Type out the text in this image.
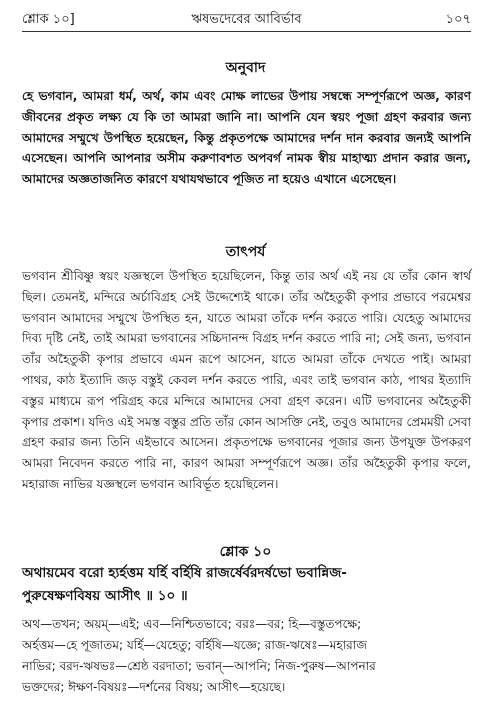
শ্লোক ১০]	ঋষভদেবের আবির্ভাব	১০৭
অনুবাদ
হে ভগবান, আমরা ধর্ম, অর্থ, কাম এবং মোক্ষ লাভের উপায় সম্বন্ধে সম্পূর্ণরূপে অজ্ঞ, কারণ জীবনের প্রকৃত লক্ষ্য যে কি তা আমরা জানি না। আপনি যেন স্বয়ং পূজা গ্রহণ করবার জন্য আমাদের সম্মুখে উপস্থিত হয়েছেন, কিন্তু প্রকৃতপক্ষে আমাদের দর্শন দান করবার জন্যই আপনি এসেছেন। আপনি আপনার অসীম করুণাবশত অপবর্গ নামক স্বীয় মাহাত্ম্য প্রদান করার জন্য, আমাদের অজ্ঞতাজনিত কারণে যথাযথভাবে পূজিত না হয়েও এখানে এসেছেন।
তাৎপর্য
ভগবান শ্রীবিষ্ণু স্বয়ং যজ্ঞস্থলে উপস্থিত হয়েছিলেন, কিন্তু তার অর্থ এই নয় যে তাঁর কোন স্বার্থ ছিল। তেমনই, মন্দিরে অর্চাবিগ্রহ সেই উদ্দেশ্যেই থাকে। তাঁর অহৈতুকী কৃপার প্রভাবে পরমেশ্বর ভগবান আমাদের সম্মুখে উপস্থিত হন, যাতে আমরা তাঁকে দর্শন করতে পারি। যেহেতু আমাদের দিব্য দৃষ্টি নেই, তাই আমরা ভগবানের সচ্চিদানন্দ বিগ্রহ দর্শন করতে পারি না; সেই জন্য, ভগবান তাঁর অহৈতুকী কৃপার প্রভাবে এমন রূপে আসেন, যাতে আমরা তাঁকে দেখতে পাই। আমরা পাথর, কাঠ ইত্যাদি জড় বস্তুই কেবল দর্শন করতে পারি, এবং তাই ভগবান কাঠ, পাথর ইত্যাদি বস্তুর মাধ্যমে রূপ পরিগ্রহ করে মন্দিরে আমাদের সেবা গ্রহণ করেন। এটি ভগবানের অহৈতুকী কৃপার প্রকাশ। যদিও এই সমস্ত বস্তুর প্রতি তাঁর কোন আসক্তি নেই, তবুও আমাদের প্রেমময়ী সেবা গ্রহণ করার জন্য তিনি এইভাবে আসেন। প্রকৃতপক্ষে ভগবানের পূজার জন্য উপযুক্ত উপকরণ আমরা নিবেদন করতে পারি না, কারণ আমরা সম্পূর্ণরূপে অজ্ঞ। তাঁর অহৈতুকী কৃপার ফলে, মহারাজ নাভির যজ্ঞস্থলে ভগবান আবির্ভূত হয়েছিলেন।
শ্লোক ১০
অথায়মেব বরো হ্যর্হত্তম যর্হি বর্হিষি রাজর্ষের্বরদর্ষভো ভবান্নিজ-
পুরুষেক্ষণবিষয় আসীৎ ॥ ১০ ॥
অথ—তখন; অয়ম্—এই; এব—নিশ্চিতভাবে; বরঃ—বর; হি—বস্তুতপক্ষে;
অর্হত্তম—হে পূজাতম; যর্হি—যেহেতু; বর্হিষি—যজ্ঞে; রাজ-ঋষেঃ—মহারাজ
নাভির; বরদ-ঋষভঃ—শ্রেষ্ঠ বরদাতা; ভবান্—আপনি; নিজ-পুরুষ—আপনার
ভক্তদের; ঈক্ষণ-বিষয়ঃ—দর্শনের বিষয়; আসীৎ—হয়েছে।
